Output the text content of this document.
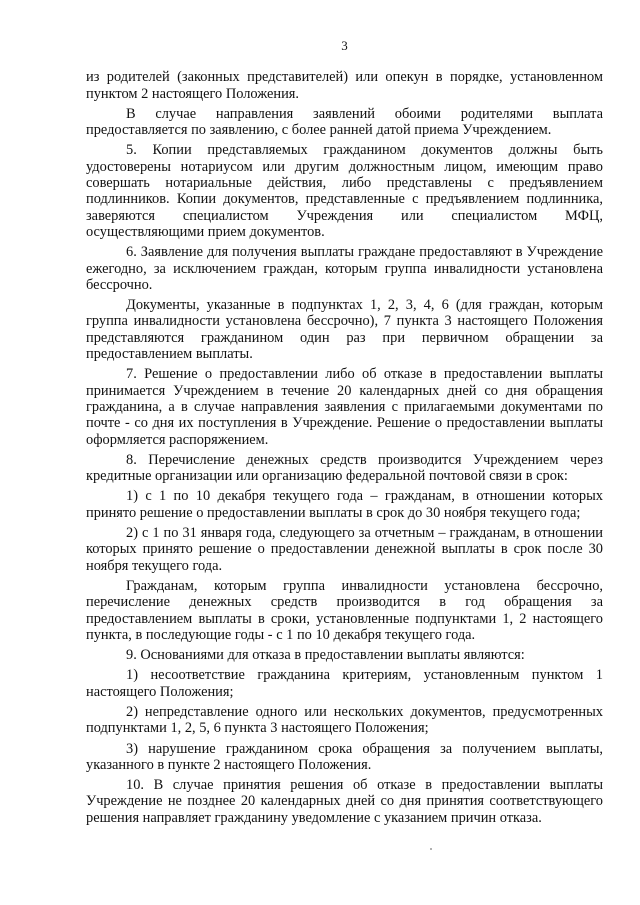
3

из родителей (законных представителей) или опекун в порядке, установленном пунктом 2 настоящего Положения.

В случае направления заявлений обоими родителями выплата предоставляется по заявлению, с более ранней датой приема Учреждением.

5. Копии представляемых гражданином документов должны быть удостоверены нотариусом или другим должностным лицом, имеющим право совершать нотариальные действия, либо представлены с предъявлением подлинников. Копии документов, представленные с предъявлением подлинника, заверяются специалистом Учреждения или специалистом МФЦ, осуществляющими прием документов.

6. Заявление для получения выплаты граждане предоставляют в Учреждение ежегодно, за исключением граждан, которым группа инвалидности установлена бессрочно.

Документы, указанные в подпунктах 1, 2, 3, 4, 6 (для граждан, которым группа инвалидности установлена бессрочно), 7 пункта 3 настоящего Положения представляются гражданином один раз при первичном обращении за предоставлением выплаты.

7. Решение о предоставлении либо об отказе в предоставлении выплаты принимается Учреждением в течение 20 календарных дней со дня обращения гражданина, а в случае направления заявления с прилагаемыми документами по почте - со дня их поступления в Учреждение. Решение о предоставлении выплаты оформляется распоряжением.

8. Перечисление денежных средств производится Учреждением через кредитные организации или организацию федеральной почтовой связи в срок:

1) с 1 по 10 декабря текущего года – гражданам, в отношении которых принято решение о предоставлении выплаты в срок до 30 ноября текущего года;

2) с 1 по 31 января года, следующего за отчетным – гражданам, в отношении которых принято решение о предоставлении денежной выплаты в срок после 30 ноября текущего года.

Гражданам, которым группа инвалидности установлена бессрочно, перечисление денежных средств производится в год обращения за предоставлением выплаты в сроки, установленные подпунктами 1, 2 настоящего пункта, в последующие годы - с 1 по 10 декабря текущего года.

9. Основаниями для отказа в предоставлении выплаты являются:

1) несоответствие гражданина критериям, установленным пунктом 1 настоящего Положения;

2) непредставление одного или нескольких документов, предусмотренных подпунктами 1, 2, 5, 6 пункта 3 настоящего Положения;

3) нарушение гражданином срока обращения за получением выплаты, указанного в пункте 2 настоящего Положения.

10. В случае принятия решения об отказе в предоставлении выплаты Учреждение не позднее 20 календарных дней со дня принятия соответствующего решения направляет гражданину уведомление с указанием причин отказа.
